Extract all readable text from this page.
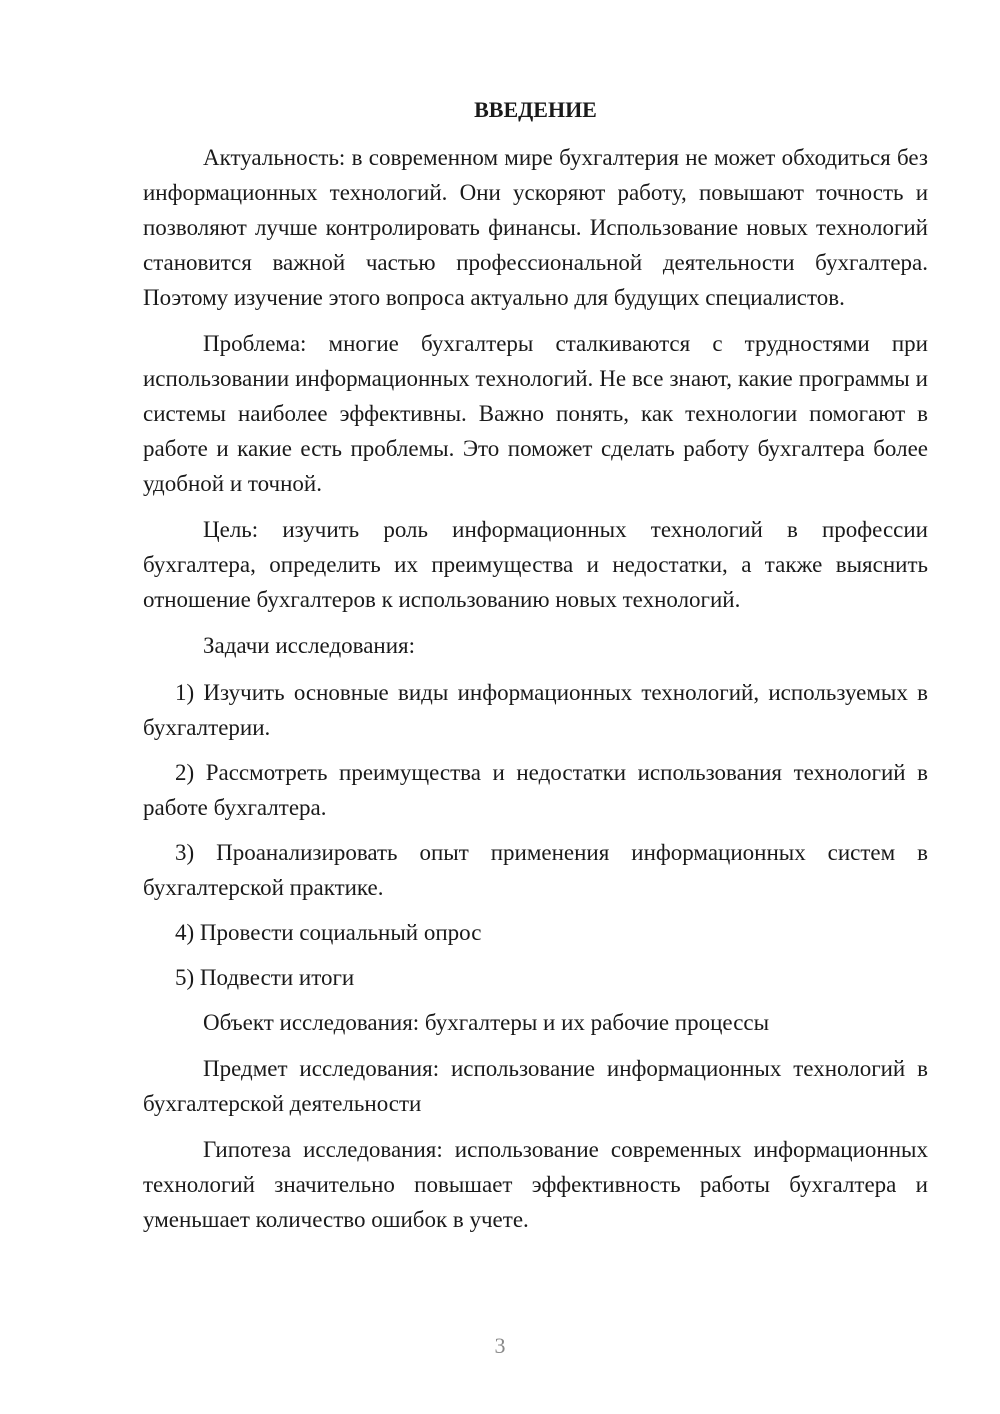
ВВЕДЕНИЕ

Актуальность: в современном мире бухгалтерия не может обходиться без информационных технологий. Они ускоряют работу, повышают точность и позволяют лучше контролировать финансы. Использование новых технологий становится важной частью профессиональной деятельности бухгалтера. Поэтому изучение этого вопроса актуально для будущих специалистов.

Проблема: многие бухгалтеры сталкиваются с трудностями при использовании информационных технологий. Не все знают, какие программы и системы наиболее эффективны. Важно понять, как технологии помогают в работе и какие есть проблемы. Это поможет сделать работу бухгалтера более удобной и точной.

Цель: изучить роль информационных технологий в профессии бухгалтера, определить их преимущества и недостатки, а также выяснить отношение бухгалтеров к использованию новых технологий.

Задачи исследования:

1) Изучить основные виды информационных технологий, используемых в бухгалтерии.

2) Рассмотреть преимущества и недостатки использования технологий в работе бухгалтера.

3) Проанализировать опыт применения информационных систем в бухгалтерской практике.

4) Провести социальный опрос

5) Подвести итоги

Объект исследования: бухгалтеры и их рабочие процессы

Предмет исследования: использование информационных технологий в бухгалтерской деятельности

Гипотеза исследования: использование современных информационных технологий значительно повышает эффективность работы бухгалтера и уменьшает количество ошибок в учете.

3
